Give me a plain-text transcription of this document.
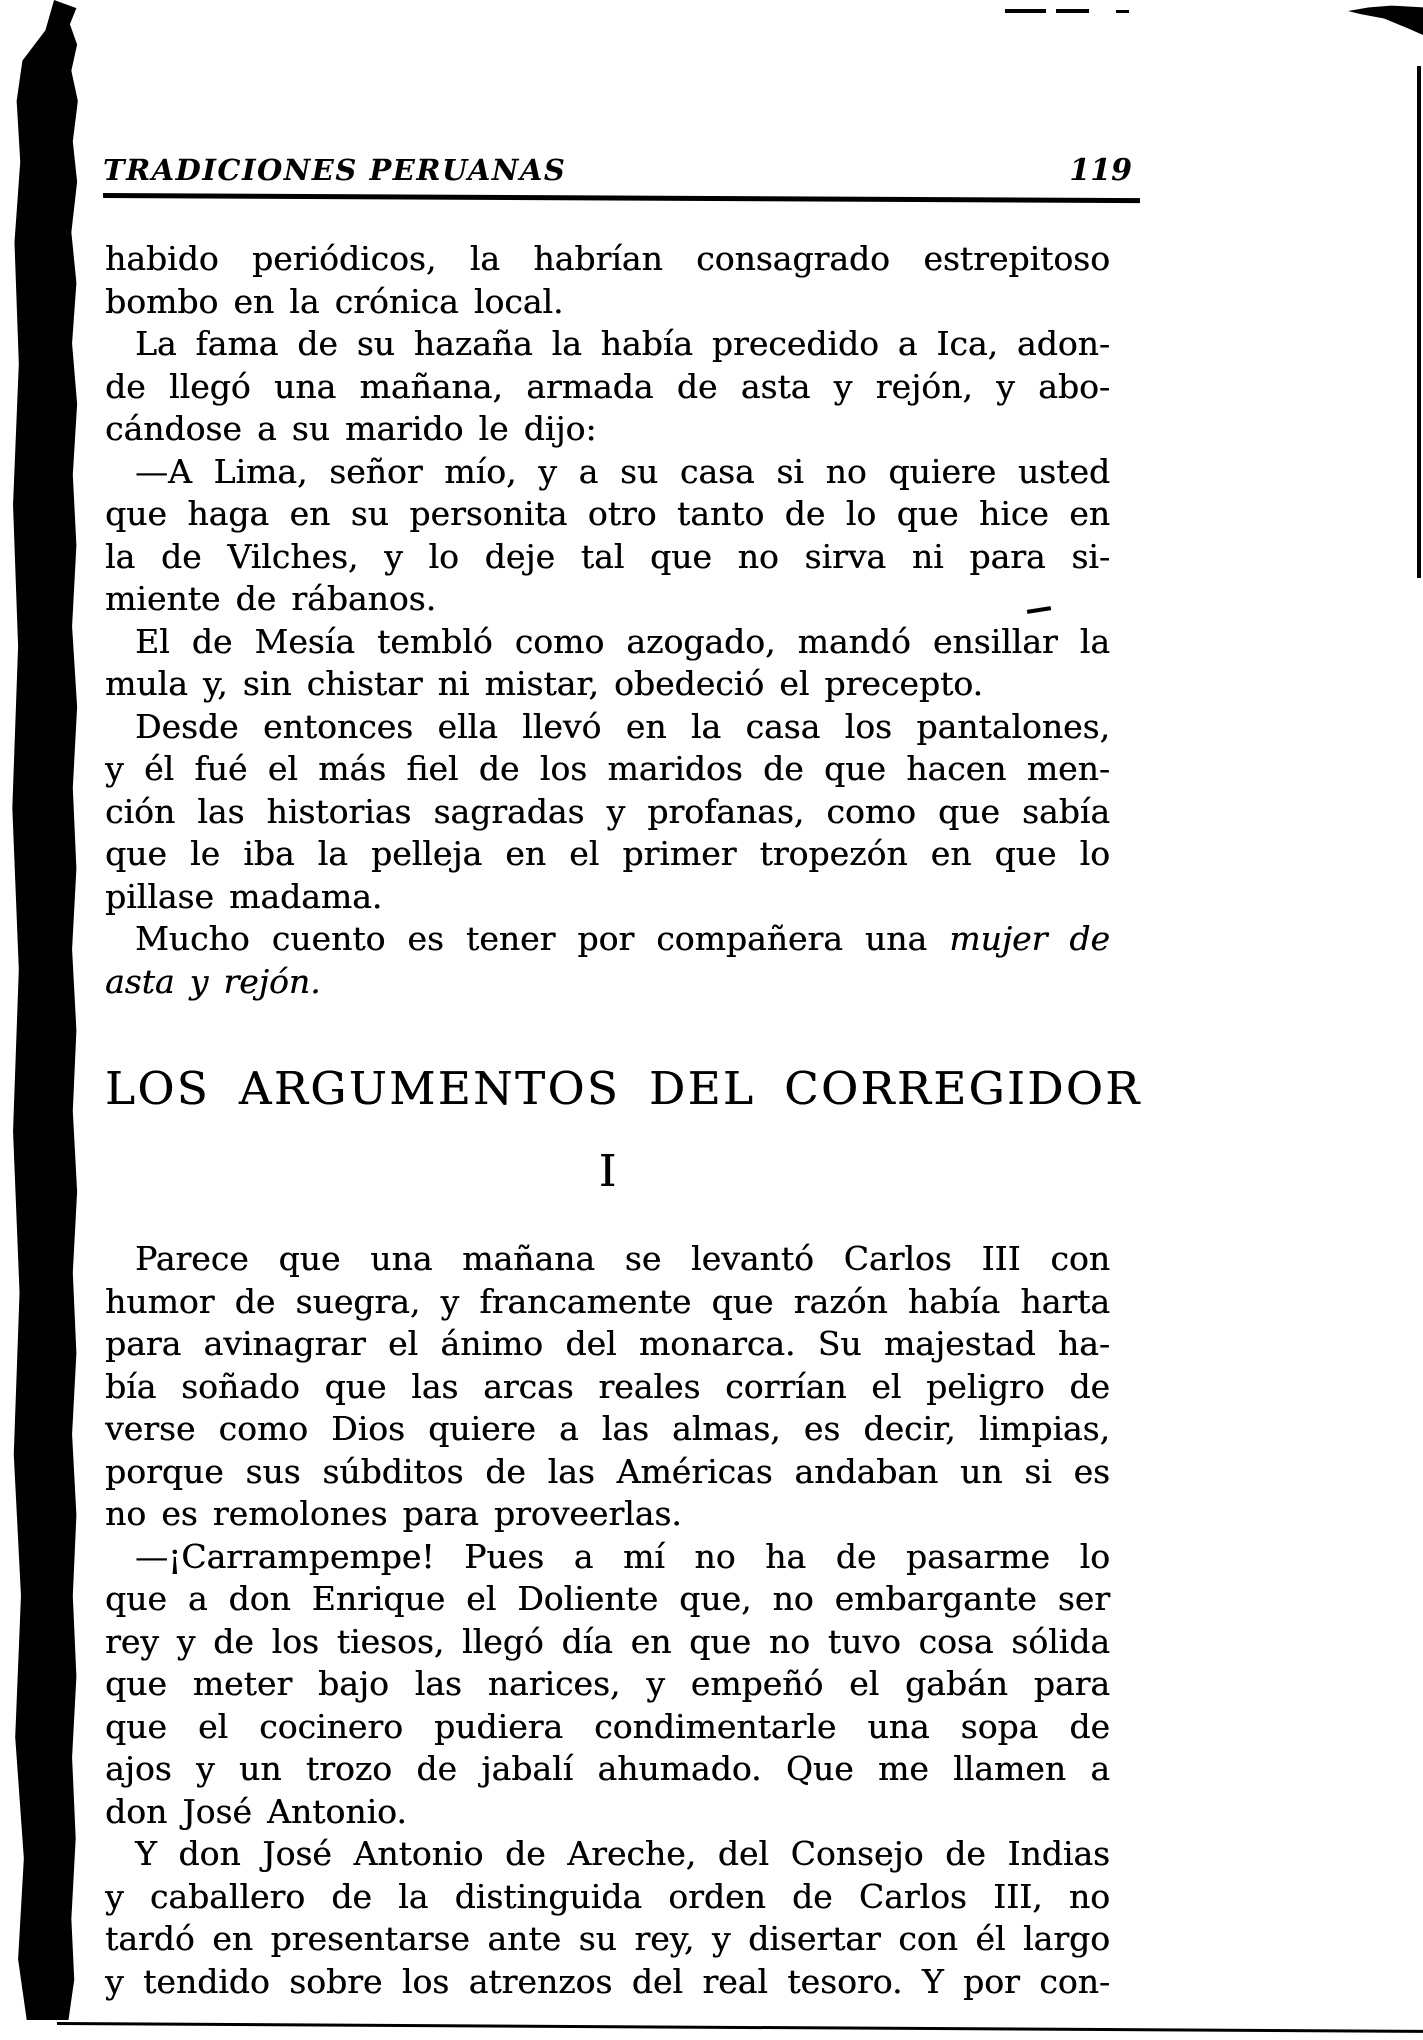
TRADICIONES PERUANAS	119
habido periódicos, la habrían consagrado estrepitoso
bombo en la crónica local.
La fama de su hazaña la había precedido a Ica, adon-
de llegó una mañana, armada de asta y rejón, y abo-
cándose a su marido le dijo:
—A Lima, señor mío, y a su casa si no quiere usted
que haga en su personita otro tanto de lo que hice en
la de Vilches, y lo deje tal que no sirva ni para si-
miente de rábanos.
El de Mesía tembló como azogado, mandó ensillar la
mula y, sin chistar ni mistar, obedeció el precepto.
Desde entonces ella llevó en la casa los pantalones,
y él fué el más fiel de los maridos de que hacen men-
ción las historias sagradas y profanas, como que sabía
que le iba la pelleja en el primer tropezón en que lo
pillase madama.
Mucho cuento es tener por compañera una mujer de
asta y rejón.
LOS ARGUMENTOS DEL CORREGIDOR
I
Parece que una mañana se levantó Carlos III con
humor de suegra, y francamente que razón había harta
para avinagrar el ánimo del monarca. Su majestad ha-
bía soñado que las arcas reales corrían el peligro de
verse como Dios quiere a las almas, es decir, limpias,
porque sus súbditos de las Américas andaban un si es
no es remolones para proveerlas.
—¡Carrampempe! Pues a mí no ha de pasarme lo
que a don Enrique el Doliente que, no embargante ser
rey y de los tiesos, llegó día en que no tuvo cosa sólida
que meter bajo las narices, y empeñó el gabán para
que el cocinero pudiera condimentarle una sopa de
ajos y un trozo de jabalí ahumado. Que me llamen a
don José Antonio.
Y don José Antonio de Areche, del Consejo de Indias
y caballero de la distinguida orden de Carlos III, no
tardó en presentarse ante su rey, y disertar con él largo
y tendido sobre los atrenzos del real tesoro. Y por con-
